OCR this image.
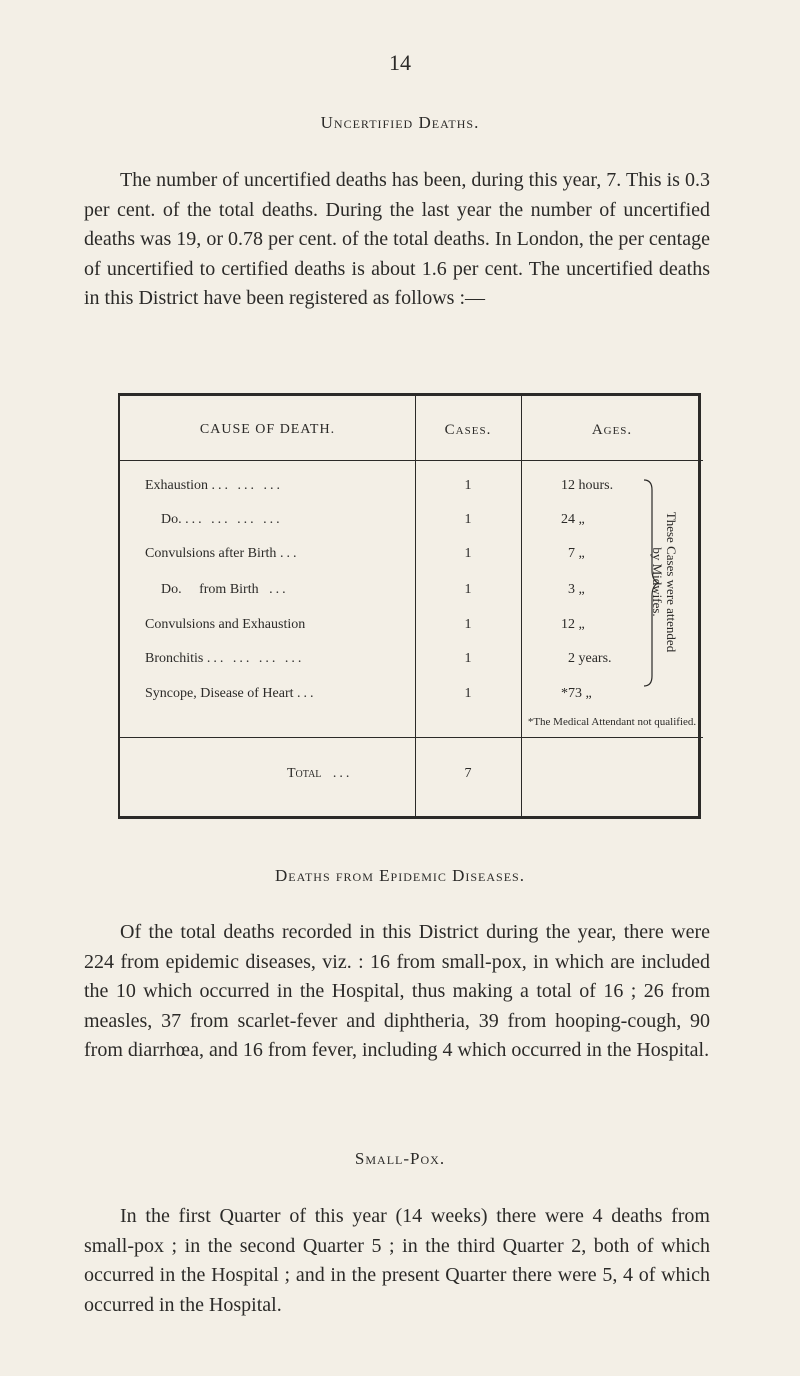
14
Uncertified Deaths.
The number of uncertified deaths has been, during this year, 7. This is 0.3 per cent. of the total deaths. During the last year the number of uncertified deaths was 19, or 0.78 per cent. of the total deaths. In London, the per centage of uncertified to certified deaths is about 1.6 per cent. The uncertified deaths in this District have been registered as follows :—
CAUSE OF DEATH.	Cases.	Ages.
Exhaustion ... ... ...	1	12 hours.
Do. ... ... ... ...	1	24 „
Convulsions after Birth ...	1	7 „
Do.     from Birth ...	1	3 „
Convulsions and Exhaustion	1	12 „
Bronchitis ... ... ... ...	1	2 years.
Syncope, Disease of Heart ...	1	*73 „
These Cases were attended
by Midwifes.
*The Medical Attendant not qualified.
Total ...	7
Deaths from Epidemic Diseases.
Of the total deaths recorded in this District during the year, there were 224 from epidemic diseases, viz. : 16 from small-pox, in which are included the 10 which occurred in the Hospital, thus making a total of 16 ; 26 from measles, 37 from scarlet-fever and diphtheria, 39 from hooping-cough, 90 from diarrhœa, and 16 from fever, including 4 which occurred in the Hospital.
Small-Pox.
In the first Quarter of this year (14 weeks) there were 4 deaths from small-pox ; in the second Quarter 5 ; in the third Quarter 2, both of which occurred in the Hospital ; and in the present Quarter there were 5, 4 of which occurred in the Hospital.
